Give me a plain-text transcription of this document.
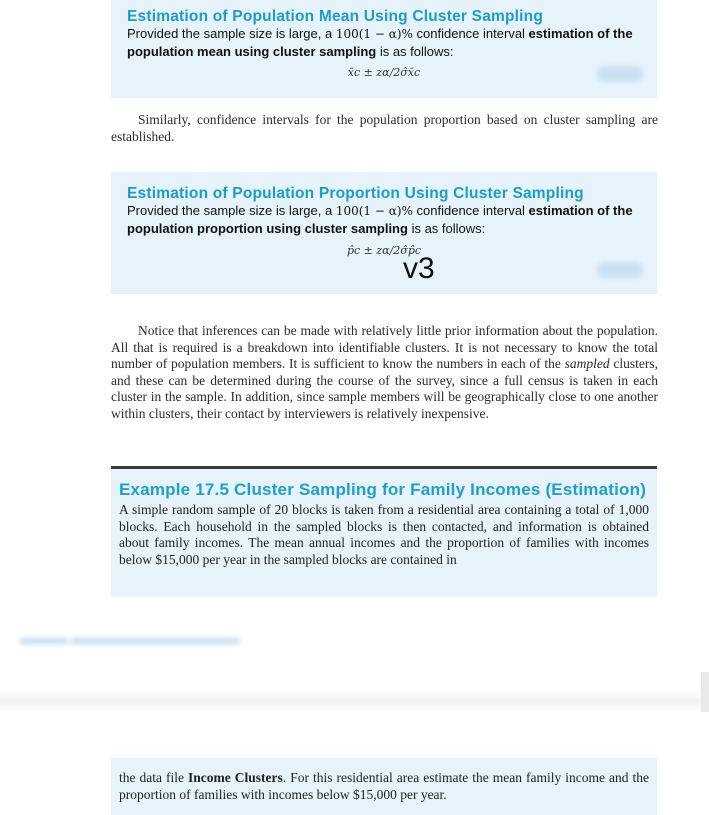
Estimation of Population Mean Using Cluster Sampling
Provided the sample size is large, a 100(1 − α)% confidence interval estimation of the population mean using cluster sampling is as follows:
x̄c ± zα/2σ̂x̄c
Similarly, confidence intervals for the population proportion based on cluster sampling are established.
Estimation of Population Proportion Using Cluster Sampling
Provided the sample size is large, a 100(1 − α)% confidence interval estimation of the population proportion using cluster sampling is as follows:
p̂c ± zα/2σ̂p̂c
v3
Notice that inferences can be made with relatively little prior information about the population. All that is required is a breakdown into identifiable clusters. It is not necessary to know the total number of population members. It is sufficient to know the numbers in each of the sampled clusters, and these can be determined during the course of the survey, since a full census is taken in each cluster in the sample. In addition, since sample members will be geographically close to one another within clusters, their contact by interviewers is relatively inexpensive.
Example 17.5 Cluster Sampling for Family Incomes (Estimation)
A simple random sample of 20 blocks is taken from a residential area containing a total of 1,000 blocks. Each household in the sampled blocks is then contacted, and information is obtained about family incomes. The mean annual incomes and the proportion of families with incomes below $15,000 per year in the sampled blocks are contained in
▬▬▬▬ ▬▬▬▬▬▬▬▬▬▬▬▬▬▬
the data file Income Clusters. For this residential area estimate the mean family income and the proportion of families with incomes below $15,000 per year.
